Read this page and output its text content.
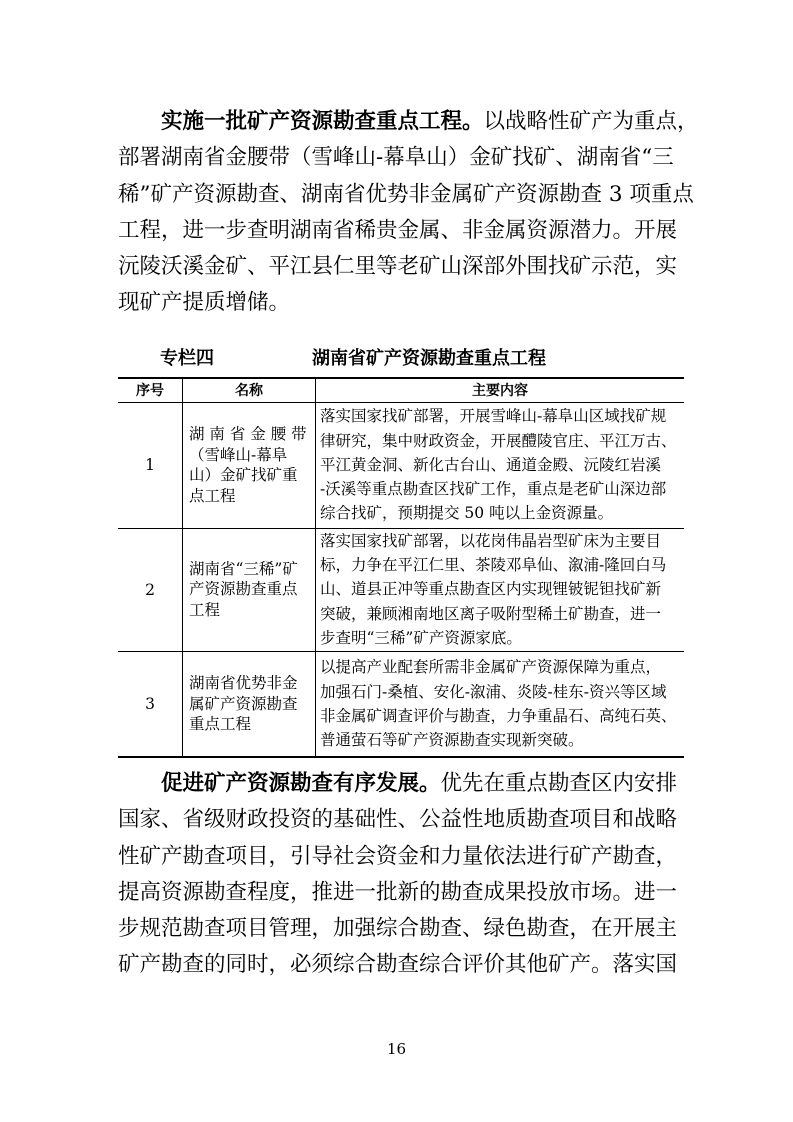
实施一批矿产资源勘查重点工程。以战略性矿产为重点，
部署湖南省金腰带（雪峰山-幕阜山）金矿找矿、湖南省“三
稀”矿产资源勘查、湖南省优势非金属矿产资源勘查 3 项重点
工程，进一步查明湖南省稀贵金属、非金属资源潜力。开展
沅陵沃溪金矿、平江县仁里等老矿山深部外围找矿示范，实
现矿产提质增储。
专栏四	湖南省矿产资源勘查重点工程
序号	名称	主要内容
1	湖 南 省 金 腰 带
（雪峰山-幕阜
山）金矿找矿重
点工程	落实国家找矿部署，开展雪峰山-幕阜山区域找矿规
律研究，集中财政资金，开展醴陵官庄、平江万古、
平江黄金洞、新化古台山、通道金殿、沅陵红岩溪
-沃溪等重点勘查区找矿工作，重点是老矿山深边部
综合找矿，预期提交 50 吨以上金资源量。

2	湖南省“三稀”矿
产资源勘查重点
工程	落实国家找矿部署，以花岗伟晶岩型矿床为主要目
标，力争在平江仁里、茶陵邓阜仙、溆浦-隆回白马
山、道县正冲等重点勘查区内实现锂铍铌钽找矿新
突破，兼顾湘南地区离子吸附型稀土矿勘查，进一
步查明“三稀”矿产资源家底。

3	湖南省优势非金
属矿产资源勘查
重点工程	以提高产业配套所需非金属矿产资源保障为重点，
加强石门-桑植、安化-溆浦、炎陵-桂东-资兴等区域
非金属矿调查评价与勘查，力争重晶石、高纯石英、
普通萤石等矿产资源勘查实现新突破。
促进矿产资源勘查有序发展。优先在重点勘查区内安排
国家、省级财政投资的基础性、公益性地质勘查项目和战略
性矿产勘查项目，引导社会资金和力量依法进行矿产勘查，
提高资源勘查程度，推进一批新的勘查成果投放市场。进一
步规范勘查项目管理，加强综合勘查、绿色勘查，在开展主
矿产勘查的同时，必须综合勘查综合评价其他矿产。落实国
16
